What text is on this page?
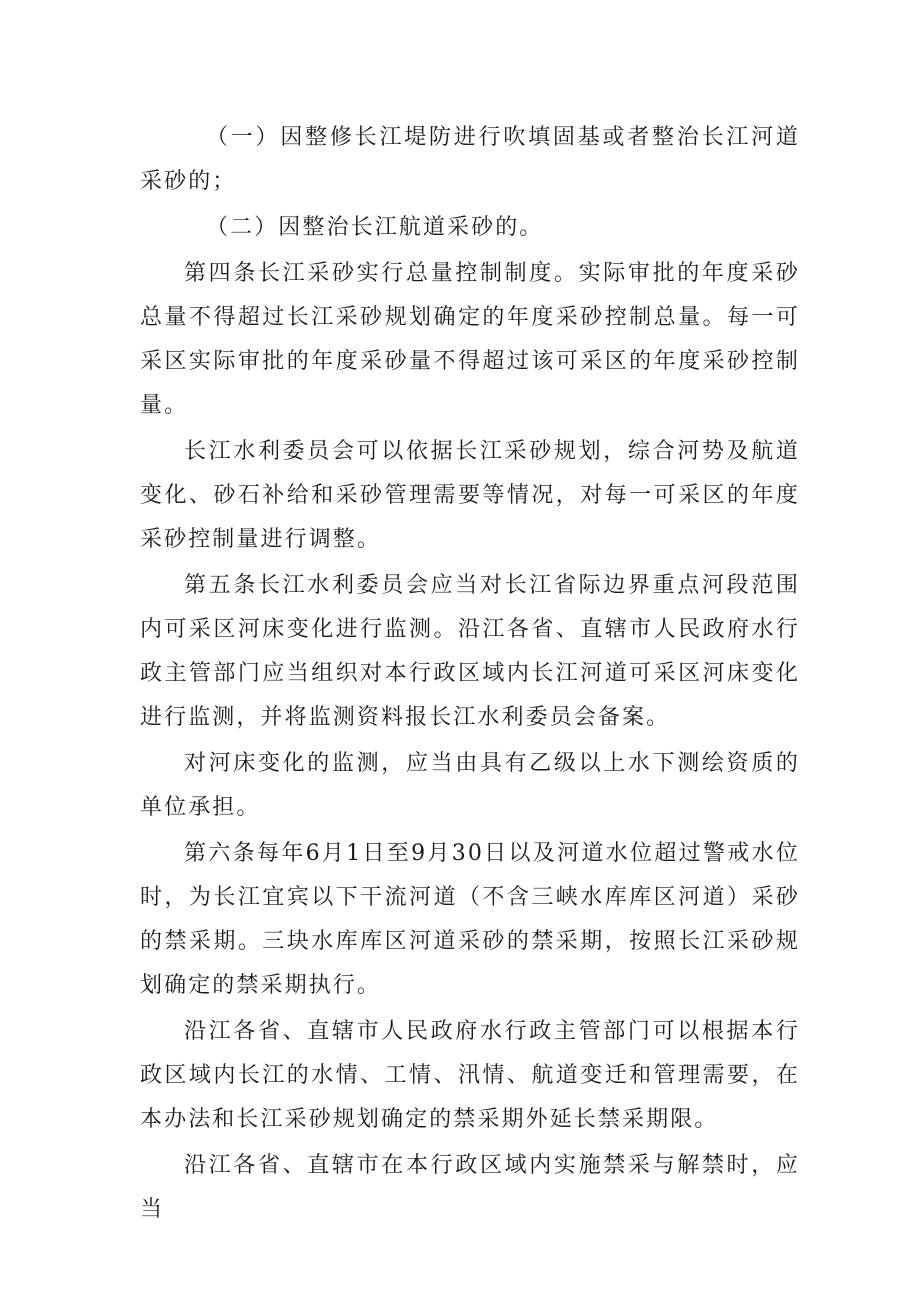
（一）因整修长江堤防进行吹填固基或者整治长江河道采砂的；

（二）因整治长江航道采砂的。

第四条长江采砂实行总量控制制度。实际审批的年度采砂总量不得超过长江采砂规划确定的年度采砂控制总量。每一可采区实际审批的年度采砂量不得超过该可采区的年度采砂控制量。

长江水利委员会可以依据长江采砂规划，综合河势及航道变化、砂石补给和采砂管理需要等情况，对每一可采区的年度采砂控制量进行调整。

第五条长江水利委员会应当对长江省际边界重点河段范围内可采区河床变化进行监测。沿江各省、直辖市人民政府水行政主管部门应当组织对本行政区域内长江河道可采区河床变化进行监测，并将监测资料报长江水利委员会备案。

对河床变化的监测，应当由具有乙级以上水下测绘资质的单位承担。

第六条每年6月1日至9月30日以及河道水位超过警戒水位时，为长江宜宾以下干流河道（不含三峡水库库区河道）采砂的禁采期。三块水库库区河道采砂的禁采期，按照长江采砂规划确定的禁采期执行。

沿江各省、直辖市人民政府水行政主管部门可以根据本行政区域内长江的水情、工情、汛情、航道变迁和管理需要，在本办法和长江采砂规划确定的禁采期外延长禁采期限。

沿江各省、直辖市在本行政区域内实施禁采与解禁时，应当
